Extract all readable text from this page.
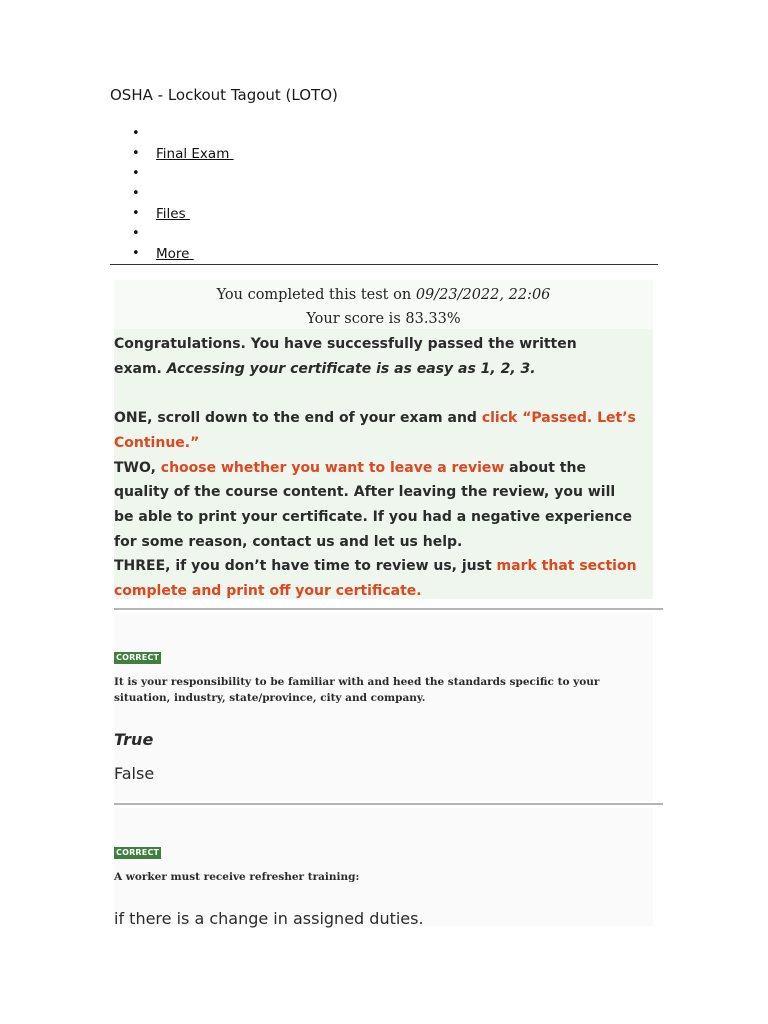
OSHA - Lockout Tagout (LOTO)
•
• Final Exam
•
•
• Files
•
• More
You completed this test on 09/23/2022, 22:06
Your score is 83.33%

Congratulations. You have successfully passed the written

exam. Accessing your certificate is as easy as 1, 2, 3.

ONE, scroll down to the end of your exam and click “Passed. Let’s Continue.”

TWO, choose whether you want to leave a review about the quality of the course content. After leaving the review, you will be able to print your certificate. If you had a negative experience for some reason, contact us and let us help.

THREE, if you don’t have time to review us, just mark that section complete and print off your certificate.

CORRECT
It is your responsibility to be familiar with and heed the standards specific to your situation, industry, state/province, city and company.
True
False
CORRECT
A worker must receive refresher training:
if there is a change in assigned duties.
